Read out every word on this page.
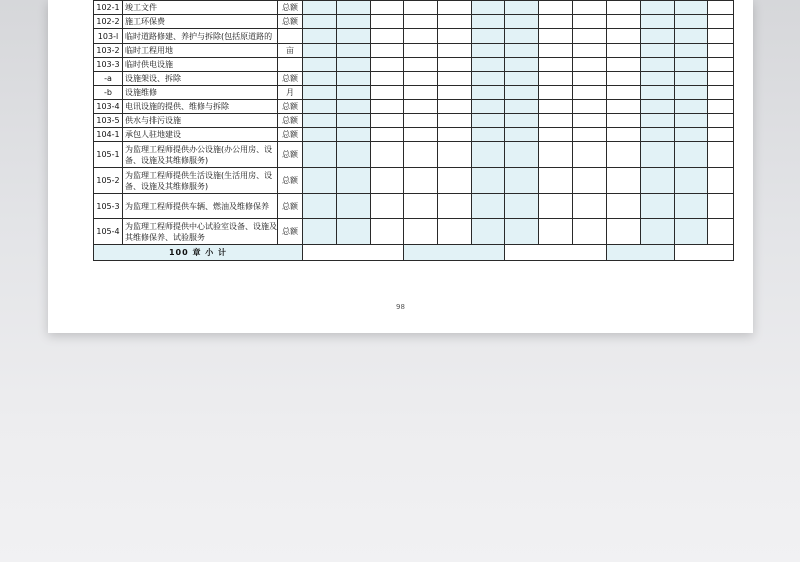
102-1	竣工文件	总额													
102-2	施工环保费	总额													
103-l	临时道路修建、养护与拆除(包括原道路的														
103-2	临时工程用地	亩													
103-3	临时供电设施														
-a	设施架设、拆除	总额													
-b	设施维修	月													
103-4	电讯设施的提供、维修与拆除	总额													
103-5	供水与排污设施	总额													
104-1	承包人驻地建设	总额													
105-1	为监理工程师提供办公设施(办公用房、设备、设施及其维修服务)	总额													
105-2	为监理工程师提供生活设施(生活用房、设备、设施及其维修服务)	总额													
105-3	为监理工程师提供车辆、燃油及维修保养	总额													
105-4	为监理工程师提供中心试验室设备、设施及其维修保养、试验服务	总额													
100 章 小 计															
98
